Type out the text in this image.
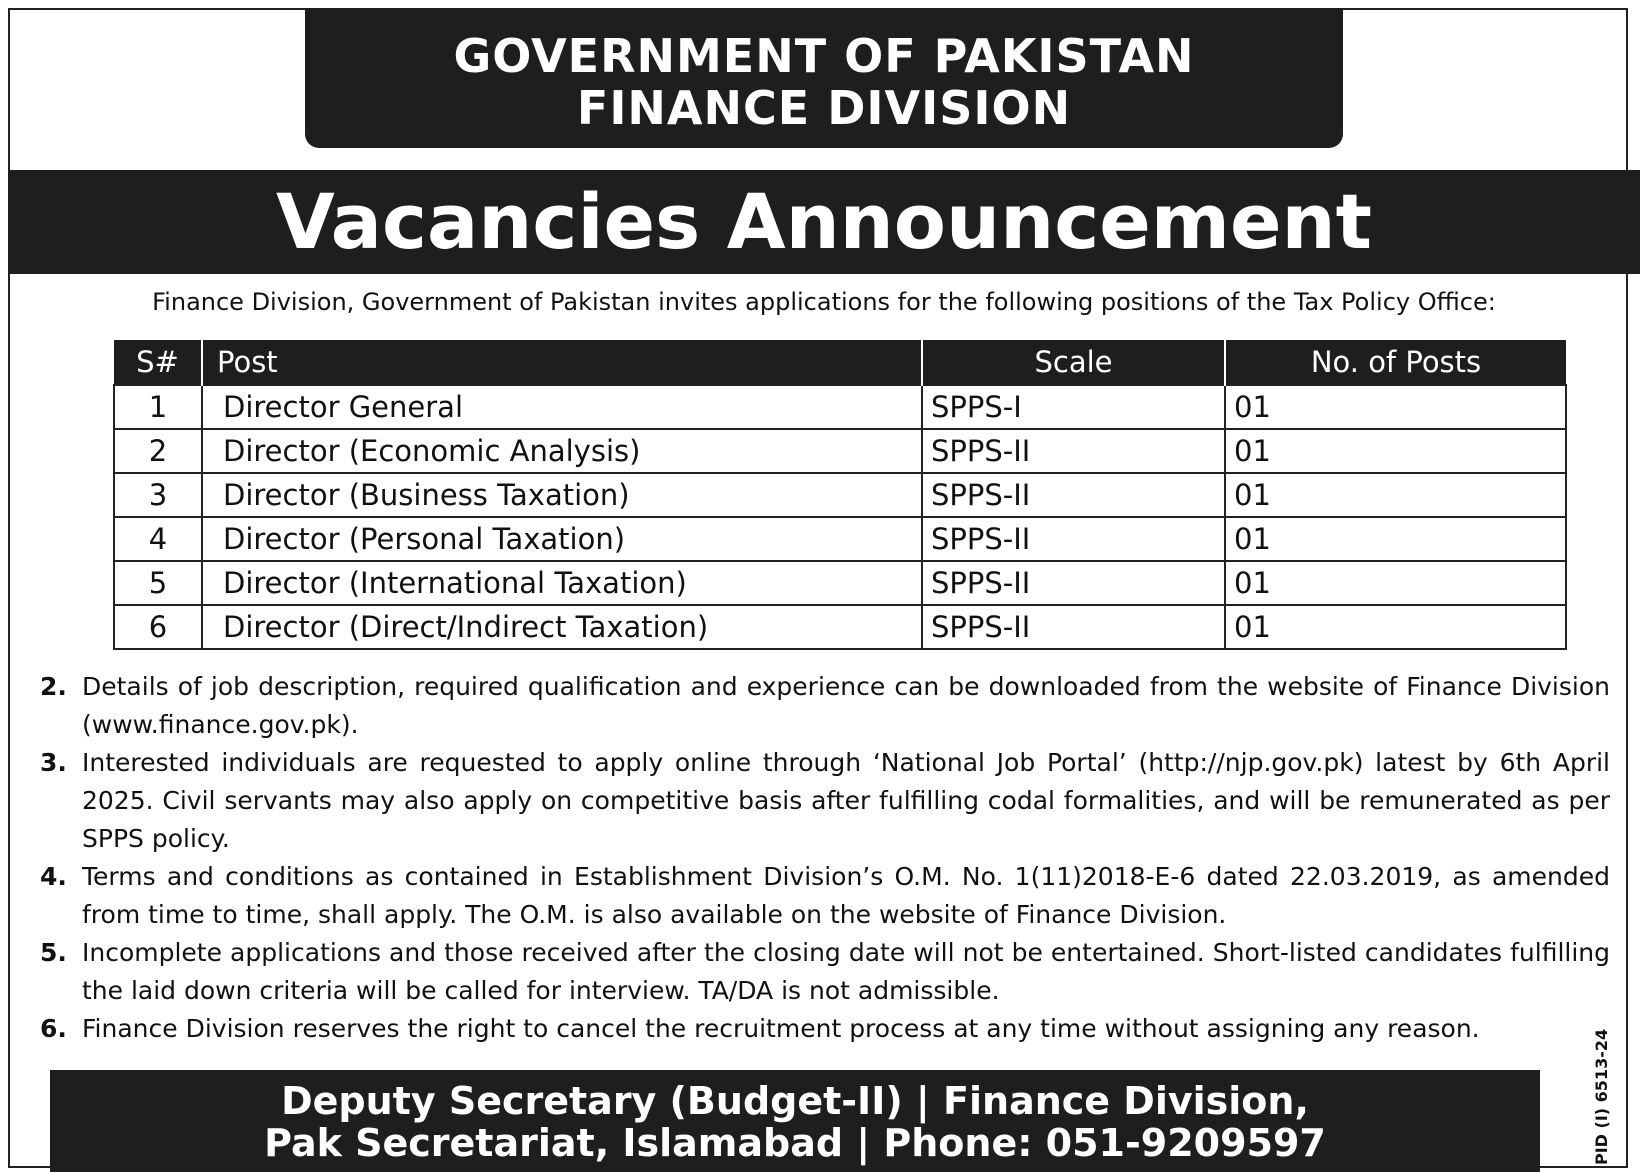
GOVERNMENT OF PAKISTAN
FINANCE DIVISION
Vacancies Announcement
Finance Division, Government of Pakistan invites applications for the following positions of the Tax Policy Office:
S#	Post	Scale	No. of Posts
1	Director General	SPPS-I	01
2	Director (Economic Analysis)	SPPS-II	01
3	Director (Business Taxation)	SPPS-II	01
4	Director (Personal Taxation)	SPPS-II	01
5	Director (International Taxation)	SPPS-II	01
6	Director (Direct/Indirect Taxation)	SPPS-II	01
2. Details of job description, required qualification and experience can be downloaded from the website of Finance Division (www.finance.gov.pk).
3. Interested individuals are requested to apply online through ‘National Job Portal’ (http://njp.gov.pk) latest by 6th April 2025. Civil servants may also apply on competitive basis after fulfilling codal formalities, and will be remunerated as per SPPS policy.
4. Terms and conditions as contained in Establishment Division’s O.M. No. 1(11)2018-E-6 dated 22.03.2019, as amended from time to time, shall apply. The O.M. is also available on the website of Finance Division.
5. Incomplete applications and those received after the closing date will not be entertained. Short-listed candidates fulfilling the laid down criteria will be called for interview. TA/DA is not admissible.
6. Finance Division reserves the right to cancel the recruitment process at any time without assigning any reason.
PID (I) 6513-24
Deputy Secretary (Budget-II) | Finance Division,
Pak Secretariat, Islamabad | Phone: 051-9209597
